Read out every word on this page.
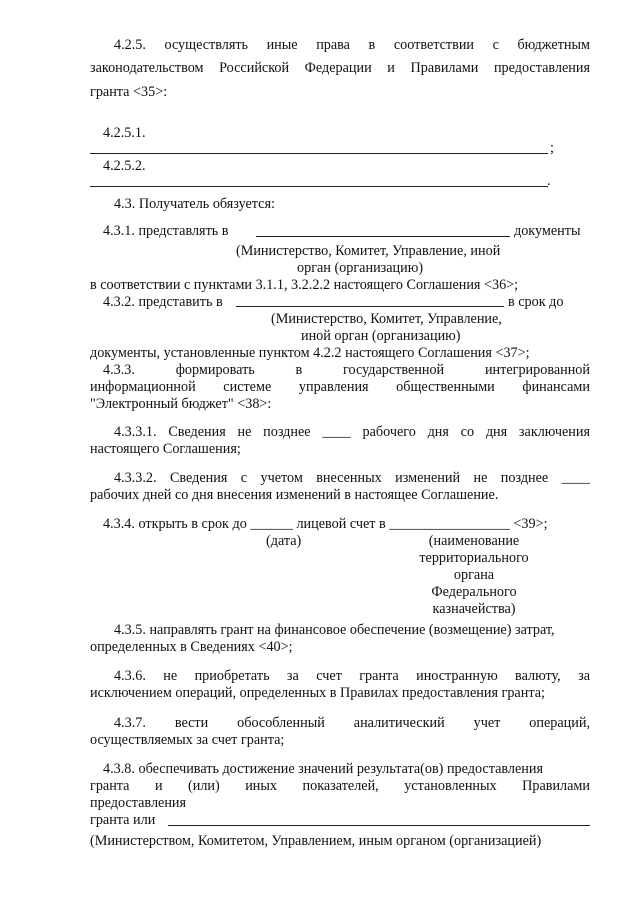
4.2.5. осуществлять иные права в соответствии с бюджетным
законодательством Российской Федерации и Правилами предоставления
гранта <35>:
4.2.5.1.
;
4.2.5.2.
.
4.3. Получатель обязуется:
4.3.1. представлять в	документы
(Министерство, Комитет, Управление, иной
орган (организацию)
в соответствии с пунктами 3.1.1, 3.2.2.2 настоящего Соглашения <36>;
4.3.2. представить в	в срок до
(Министерство, Комитет, Управление,
иной орган (организацию)
документы, установленные пунктом 4.2.2 настоящего Соглашения <37>;
4.3.3. формировать в государственной интегрированной
информационной системе управления общественными финансами
"Электронный бюджет" <38>:
4.3.3.1. Сведения не позднее ____ рабочего дня со дня заключения
настоящего Соглашения;
4.3.3.2. Сведения с учетом внесенных изменений не позднее ____
рабочих дней со дня внесения изменений в настоящее Соглашение.
4.3.4. открыть в срок до ______ лицевой счет в _________________ <39>;
(дата)	(наименование
территориального
органа
Федерального
казначейства)
4.3.5. направлять грант на финансовое обеспечение (возмещение) затрат,
определенных в Сведениях <40>;
4.3.6. не приобретать за счет гранта иностранную валюту, за
исключением операций, определенных в Правилах предоставления гранта;
4.3.7. вести обособленный аналитический учет операций,
осуществляемых за счет гранта;
4.3.8. обеспечивать достижение значений результата(ов) предоставления
гранта и (или) иных показателей, установленных Правилами
предоставления
гранта или
(Министерством, Комитетом, Управлением, иным органом (организацией)
